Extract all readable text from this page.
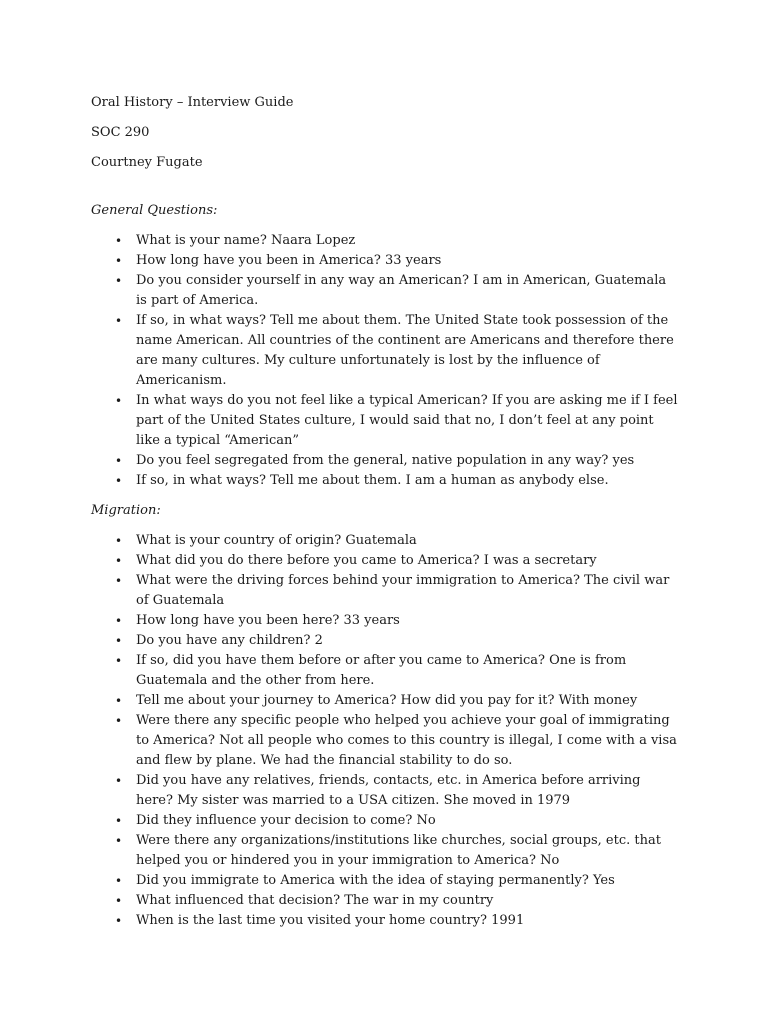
Oral History – Interview Guide
SOC 290
Courtney Fugate
General Questions:
•	What is your name? Naara Lopez
•	How long have you been in America? 33 years
•	Do you consider yourself in any way an American? I am in American, Guatemala is part of America.
•	If so, in what ways? Tell me about them. The United State took possession of the name American. All countries of the continent are Americans and therefore there are many cultures. My culture unfortunately is lost by the influence of Americanism.
•	In what ways do you not feel like a typical American? If you are asking me if I feel part of the United States culture, I would said that no, I don’t feel at any point like a typical “American”
•	Do you feel segregated from the general, native population in any way? yes
•	If so, in what ways? Tell me about them. I am a human as anybody else.
Migration:
•	What is your country of origin? Guatemala
•	What did you do there before you came to America? I was a secretary
•	What were the driving forces behind your immigration to America? The civil war of Guatemala
•	How long have you been here? 33 years
•	Do you have any children? 2
•	If so, did you have them before or after you came to America? One is from Guatemala and the other from here.
•	Tell me about your journey to America? How did you pay for it? With money
•	Were there any specific people who helped you achieve your goal of immigrating to America? Not all people who comes to this country is illegal, I come with a visa and flew by plane. We had the financial stability to do so.
•	Did you have any relatives, friends, contacts, etc. in America before arriving here? My sister was married to a USA citizen. She moved in 1979
•	Did they influence your decision to come? No
•	Were there any organizations/institutions like churches, social groups, etc. that helped you or hindered you in your immigration to America? No
•	Did you immigrate to America with the idea of staying permanently? Yes
•	What influenced that decision? The war in my country
•	When is the last time you visited your home country? 1991
